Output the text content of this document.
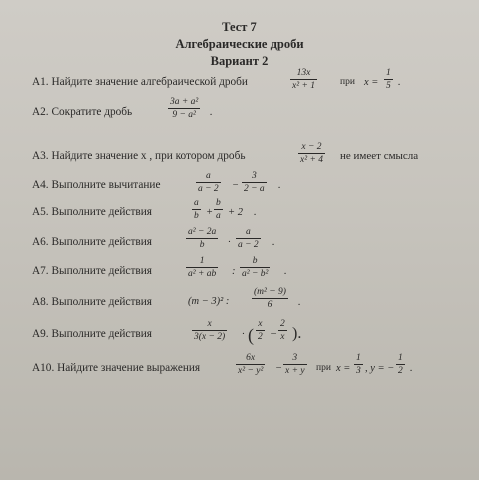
Тест 7
Алгебраические дроби
Вариант 2
A1. Найдите значение алгебраической дроби	$\frac{13x}{\text{x² + 1}}$ при $x = \frac{1}{5}$ .
A2. Сократите дробь	$\frac{\text{3a + a²}}{\text{9 − a²}}$ .
A3. Найдите значение x , при котором дробь	$\frac{x - 2}{\text{x² + 4}}$ не имеет смысла
A4. Выполните вычитание	$\frac{a}{a - 2} - \frac{3}{2 - a}$ .
A5. Выполните действия	$\frac{a}{b} + \frac{b}{a} + 2$ .
A6. Выполните действия	$\frac{\text{a² − 2a}}{b} \cdot \frac{a}{a - 2}$ .
A7. Выполните действия	$\frac{1}{\text{a² + ab}}$ : $\frac{b}{\text{a² − b²}}$ .
A8. Выполните действия	(m − 3)² : $\frac{\text{(m² − 9)}}{6}$ .
A9. Выполните действия	$\frac{x}{3(x - 2)}$ · ( $\frac{x}{2} - \frac{2}{x}$ ).
A10. Найдите значение выражения	$\frac{6x}{\text{x² − y²}} - \frac{3}{x + y}$ при $x = \frac{1}{3}$ , y = − $\frac{1}{2}$ .
